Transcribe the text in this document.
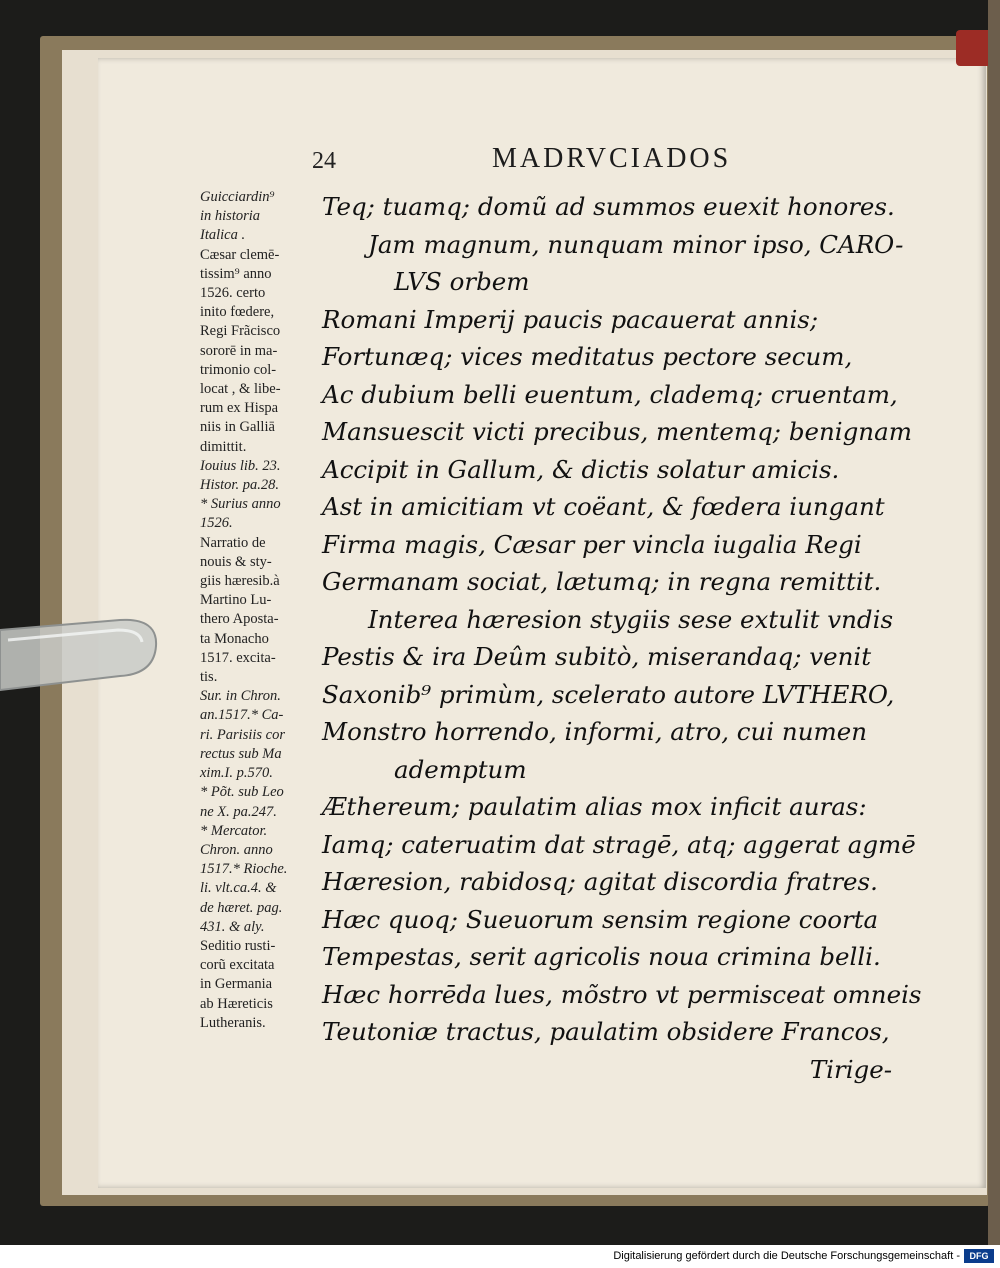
24	MADRVCIADOS
Guicciardin⁹
in historia
Italica .
Cæsar clemē-
tissim⁹ anno
1526. certo
inito fœdere,
Regi Frãcisco
sororē in ma-
trimonio col-
locat , & libe-
rum ex Hispa
niis in Galliā
dimittit.
Iouius lib. 23.
Histor. pa.28.
* Surius anno
1526.
Narratio de
nouis & sty-
giis hæresib.à
Martino Lu-
thero Aposta-
ta Monacho
1517. excita-
tis.
Sur. in Chron.
an.1517.* Ca-
ri. Parisiis cor
rectus sub Ma
xim.I. p.570.
* Põt. sub Leo
ne X. pa.247.
* Mercator.
Chron. anno
1517.* Rioche.
li. vlt.ca.4. &
de hæret. pag.
431. & aly.
Seditio rusti-
corũ excitata
in Germania
ab Hæreticis
Lutheranis.
Teq; tuamq; domũ ad summos euexit honores.
Jam magnum, nunquam minor ipso, CARO-
LVS orbem
Romani Imperij paucis pacauerat annis;
Fortunæq; vices meditatus pectore secum,
Ac dubium belli euentum, clademq; cruentam,
Mansuescit victi precibus, mentemq; benignam
Accipit in Gallum, & dictis solatur amicis.
Ast in amicitiam vt coëant, & fœdera iungant
Firma magis, Cæsar per vincla iugalia Regi
Germanam sociat, lætumq; in regna remittit.
Interea hæresion stygiis sese extulit vndis
Pestis & ira Deûm subitò, miserandaq; venit
Saxonib⁹ primùm, scelerato autore LVTHERO,
Monstro horrendo, informi, atro, cui numen
ademptum
Æthereum; paulatim alias mox inficit auras:
Iamq; cateruatim dat stragē, atq; aggerat agmē
Hæresion, rabidosq; agitat discordia fratres.
Hæc quoq; Sueuorum sensim regione coorta
Tempestas, serit agricolis noua crimina belli.
Hæc horrēda lues, mõstro vt permisceat omneis
Teutoniæ tractus, paulatim obsidere Francos,
Tirige-
Digitalisierung gefördert durch die Deutsche Forschungsgemeinschaft -	DFG
